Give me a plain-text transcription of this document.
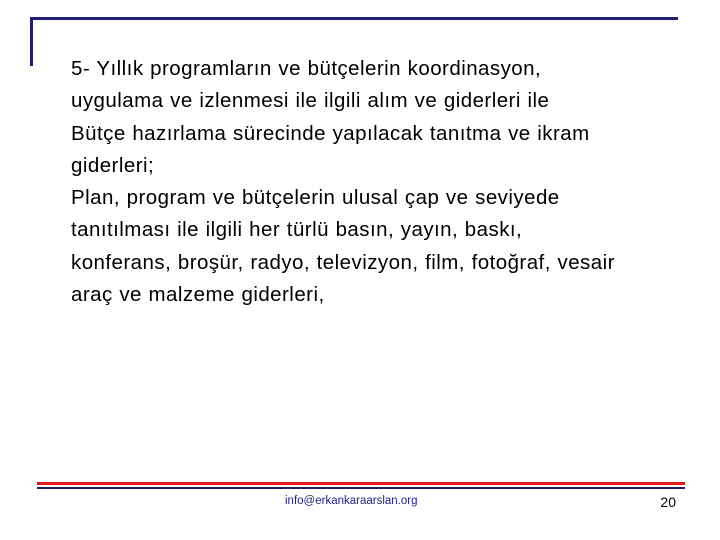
5- Yıllık programların ve bütçelerin koordinasyon,
uygulama ve izlenmesi ile ilgili alım ve giderleri ile

Bütçe hazırlama sürecinde yapılacak tanıtma ve ikram
giderleri;

Plan, program ve bütçelerin ulusal çap ve seviyede
tanıtılması ile ilgili her türlü basın, yayın, baskı,
konferans, broşür, radyo, televizyon, film, fotoğraf, vesair
araç ve malzeme giderleri,

info@erkankaraarslan.org	20
